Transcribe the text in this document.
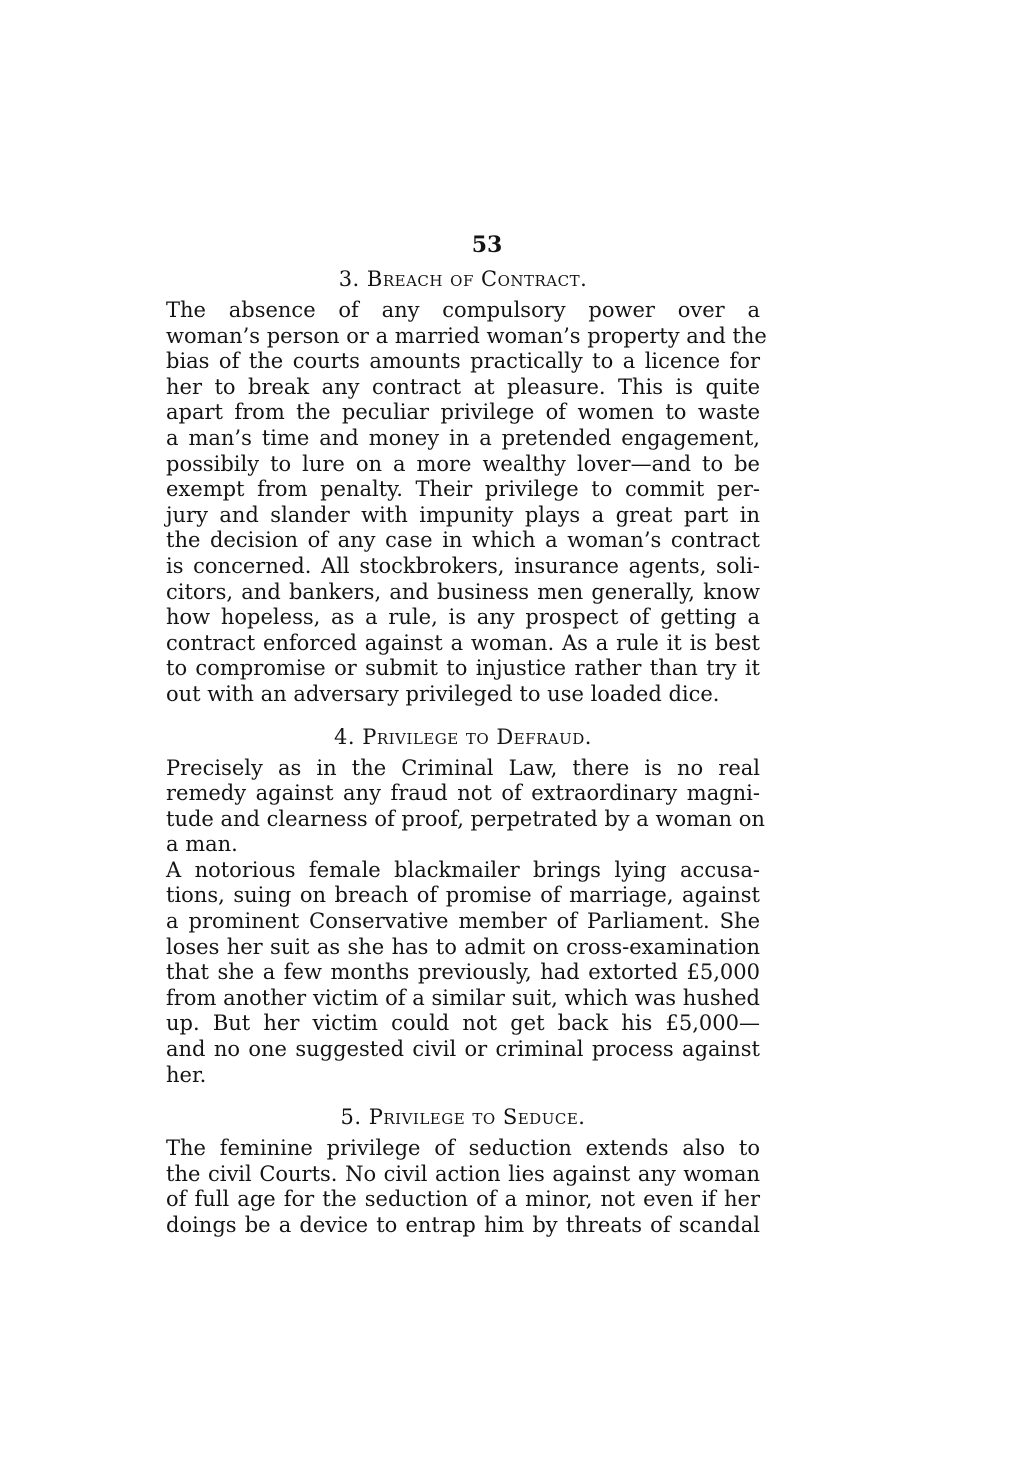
53
3. Breach of Contract.
The absence of any compulsory power over a
woman’s person or a married woman’s property and the
bias of the courts amounts practically to a licence for
her to break any contract at pleasure. This is quite
apart from the peculiar privilege of women to waste
a man’s time and money in a pretended engagement,
possibily to lure on a more wealthy lover—and to be
exempt from penalty. Their privilege to commit per-
jury and slander with impunity plays a great part in
the decision of any case in which a woman’s contract
is concerned. All stockbrokers, insurance agents, soli-
citors, and bankers, and business men generally, know
how hopeless, as a rule, is any prospect of getting a
contract enforced against a woman. As a rule it is best
to compromise or submit to injustice rather than try it
out with an adversary privileged to use loaded dice.
4. Privilege to Defraud.
Precisely as in the Criminal Law, there is no real
remedy against any fraud not of extraordinary magni-
tude and clearness of proof, perpetrated by a woman on
a man.
A notorious female blackmailer brings lying accusa-
tions, suing on breach of promise of marriage, against
a prominent Conservative member of Parliament. She
loses her suit as she has to admit on cross-examination
that she a few months previously, had extorted £5,000
from another victim of a similar suit, which was hushed
up. But her victim could not get back his £5,000—
and no one suggested civil or criminal process against
her.
5. Privilege to Seduce.
The feminine privilege of seduction extends also to
the civil Courts. No civil action lies against any woman
of full age for the seduction of a minor, not even if her
doings be a device to entrap him by threats of scandal
